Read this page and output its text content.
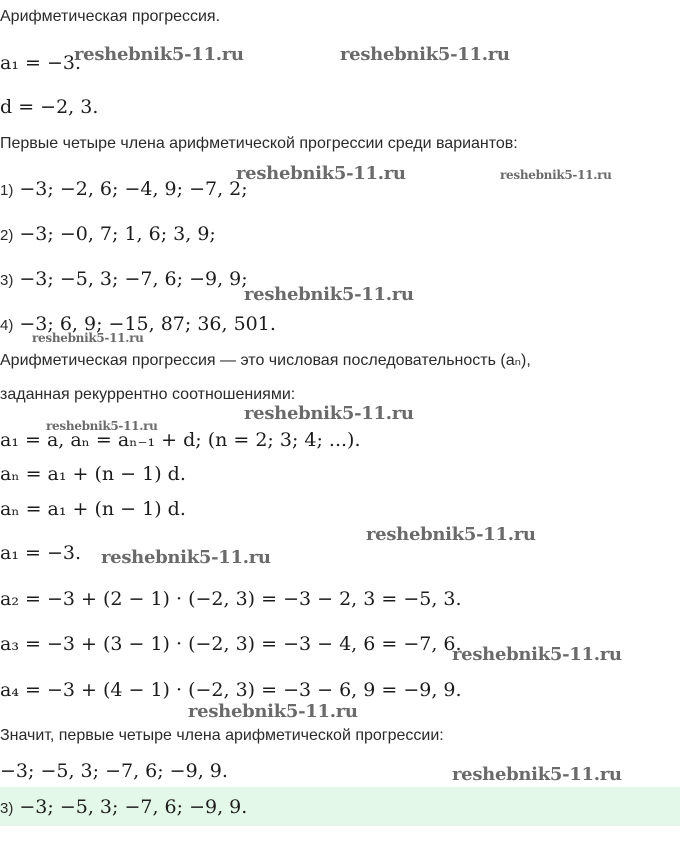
Арифметическая прогрессия.
a₁ = −3.
d = −2, 3.
Первые четыре члена арифметической прогрессии среди вариантов:
1) −3; −2, 6; −4, 9; −7, 2;
2) −3; −0, 7; 1, 6; 3, 9;
3) −3; −5, 3; −7, 6; −9, 9;
4) −3; 6, 9; −15, 87; 36, 501.
Арифметическая прогрессия — это числовая последовательность (aₙ),
заданная рекуррентно соотношениями:
a₁ = a, aₙ = aₙ₋₁ + d; (n = 2; 3; 4; ...).
aₙ = a₁ + (n − 1) d.
aₙ = a₁ + (n − 1) d.
a₁ = −3.
a₂ = −3 + (2 − 1) · (−2, 3) = −3 − 2, 3 = −5, 3.
a₃ = −3 + (3 − 1) · (−2, 3) = −3 − 4, 6 = −7, 6.
a₄ = −3 + (4 − 1) · (−2, 3) = −3 − 6, 9 = −9, 9.
Значит, первые четыре члена арифметической прогрессии:
−3; −5, 3; −7, 6; −9, 9.
3) −3; −5, 3; −7, 6; −9, 9.
reshebnik5-11.ru	reshebnik5-11.ru
reshebnik5-11.ru	reshebnik5-11.ru
reshebnik5-11.ru
reshebnik5-11.ru
reshebnik5-11.ru
reshebnik5-11.ru
reshebnik5-11.ru
reshebnik5-11.ru
reshebnik5-11.ru
reshebnik5-11.ru
reshebnik5-11.ru
